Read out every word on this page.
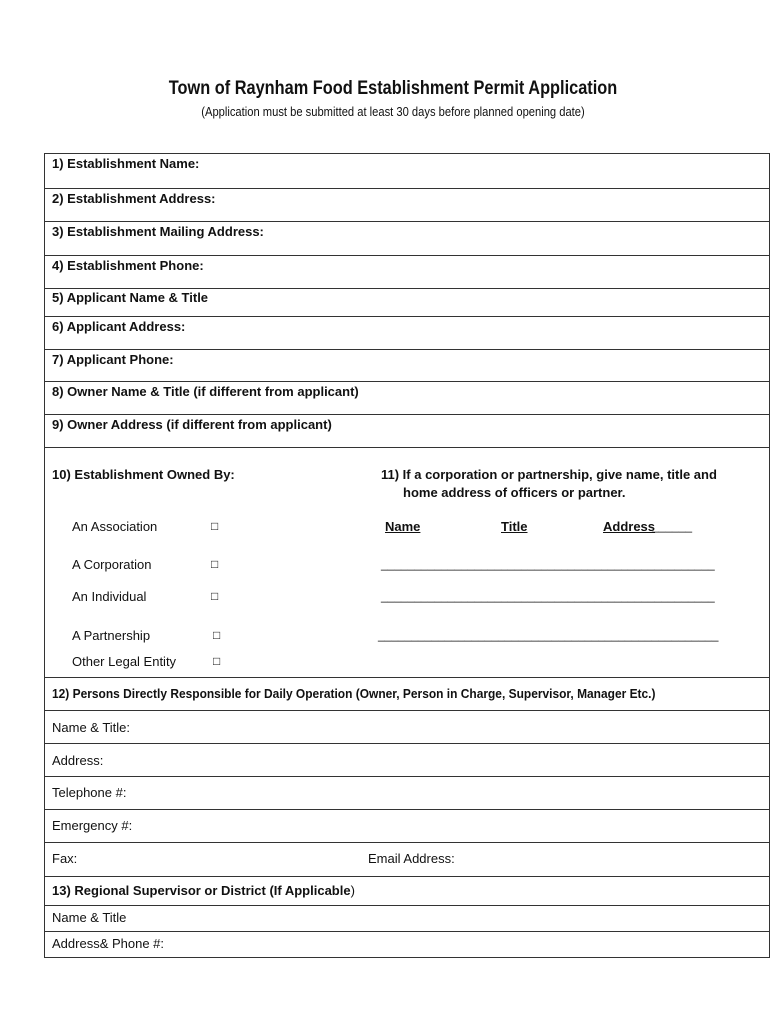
Town of Raynham Food Establishment Permit Application
(Application must be submitted at least 30 days before planned opening date)
1) Establishment Name:
2) Establishment Address:
3) Establishment Mailing Address:
4) Establishment Phone:
5) Applicant Name & Title
6) Applicant Address:
7) Applicant Phone:
8) Owner Name & Title (if different from applicant)
9) Owner Address (if different from applicant)
10) Establishment Owned By:
An Association	□
A Corporation	□
An Individual	□
A Partnership	□
Other Legal Entity	□
11) If a corporation or partnership, give name, title and
home address of officers or partner.
Name	Title	Address
______
__________________________________________________
__________________________________________________
___________________________________________________
12) Persons Directly Responsible for Daily Operation (Owner, Person in Charge, Supervisor, Manager Etc.)
Name & Title:
Address:
Telephone #:
Emergency #:
Fax:	Email Address:
13) Regional Supervisor or District (If Applicable)
Name & Title
Address& Phone #:
